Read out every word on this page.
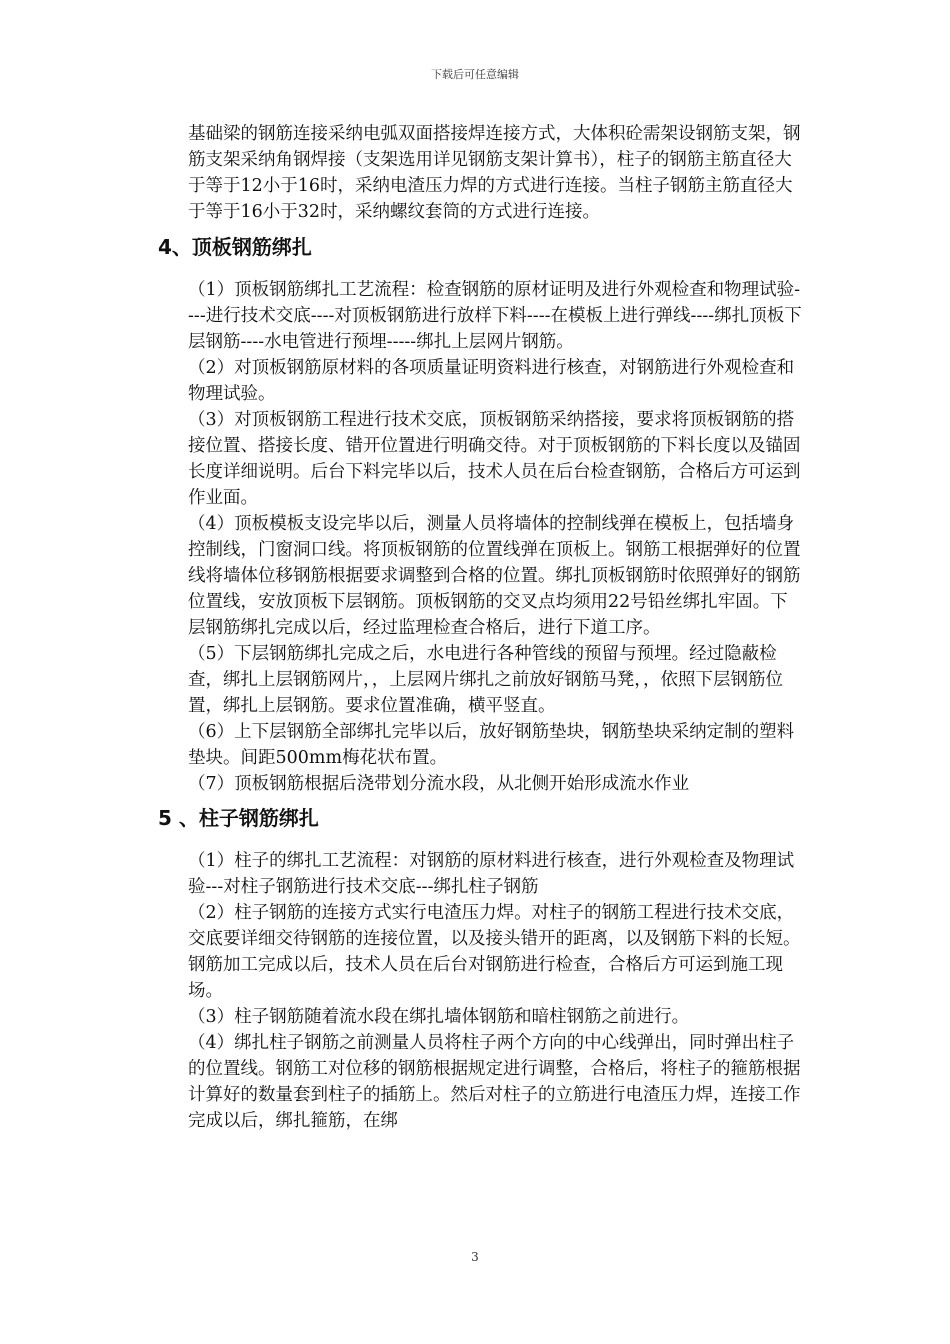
下载后可任意编辑

基础梁的钢筋连接采纳电弧双面搭接焊连接方式，大体积砼需架设钢筋支架，钢筋支架采纳角钢焊接（支架选用详见钢筋支架计算书），柱子的钢筋主筋直径大于等于12小于16时，采纳电渣压力焊的方式进行连接。当柱子钢筋主筋直径大于等于16小于32时，采纳螺纹套筒的方式进行连接。

4、顶板钢筋绑扎

（1）顶板钢筋绑扎工艺流程：检查钢筋的原材证明及进行外观检查和物理试验----进行技术交底----对顶板钢筋进行放样下料----在模板上进行弹线----绑扎顶板下层钢筋----水电管进行预埋-----绑扎上层网片钢筋。

（2）对顶板钢筋原材料的各项质量证明资料进行核查，对钢筋进行外观检查和物理试验。

（3）对顶板钢筋工程进行技术交底，顶板钢筋采纳搭接，要求将顶板钢筋的搭接位置、搭接长度、错开位置进行明确交待。对于顶板钢筋的下料长度以及锚固长度详细说明。后台下料完毕以后，技术人员在后台检查钢筋，合格后方可运到作业面。

（4）顶板模板支设完毕以后，测量人员将墙体的控制线弹在模板上，包括墙身控制线，门窗洞口线。将顶板钢筋的位置线弹在顶板上。钢筋工根据弹好的位置线将墙体位移钢筋根据要求调整到合格的位置。绑扎顶板钢筋时依照弹好的钢筋位置线，安放顶板下层钢筋。顶板钢筋的交叉点均须用22号铅丝绑扎牢固。下层钢筋绑扎完成以后，经过监理检查合格后，进行下道工序。

（5）下层钢筋绑扎完成之后，水电进行各种管线的预留与预埋。经过隐蔽检查，绑扎上层钢筋网片，，上层网片绑扎之前放好钢筋马凳，，依照下层钢筋位置，绑扎上层钢筋。要求位置准确，横平竖直。

（6）上下层钢筋全部绑扎完毕以后，放好钢筋垫块，钢筋垫块采纳定制的塑料垫块。间距500mm梅花状布置。

（7）顶板钢筋根据后浇带划分流水段，从北侧开始形成流水作业

5 、柱子钢筋绑扎

（1）柱子的绑扎工艺流程：对钢筋的原材料进行核查，进行外观检查及物理试验---对柱子钢筋进行技术交底---绑扎柱子钢筋

（2）柱子钢筋的连接方式实行电渣压力焊。对柱子的钢筋工程进行技术交底，交底要详细交待钢筋的连接位置，以及接头错开的距离，以及钢筋下料的长短。钢筋加工完成以后，技术人员在后台对钢筋进行检查，合格后方可运到施工现场。

（3）柱子钢筋随着流水段在绑扎墙体钢筋和暗柱钢筋之前进行。

（4）绑扎柱子钢筋之前测量人员将柱子两个方向的中心线弹出，同时弹出柱子的位置线。钢筋工对位移的钢筋根据规定进行调整，合格后，将柱子的箍筋根据计算好的数量套到柱子的插筋上。然后对柱子的立筋进行电渣压力焊，连接工作完成以后，绑扎箍筋，在绑

3
